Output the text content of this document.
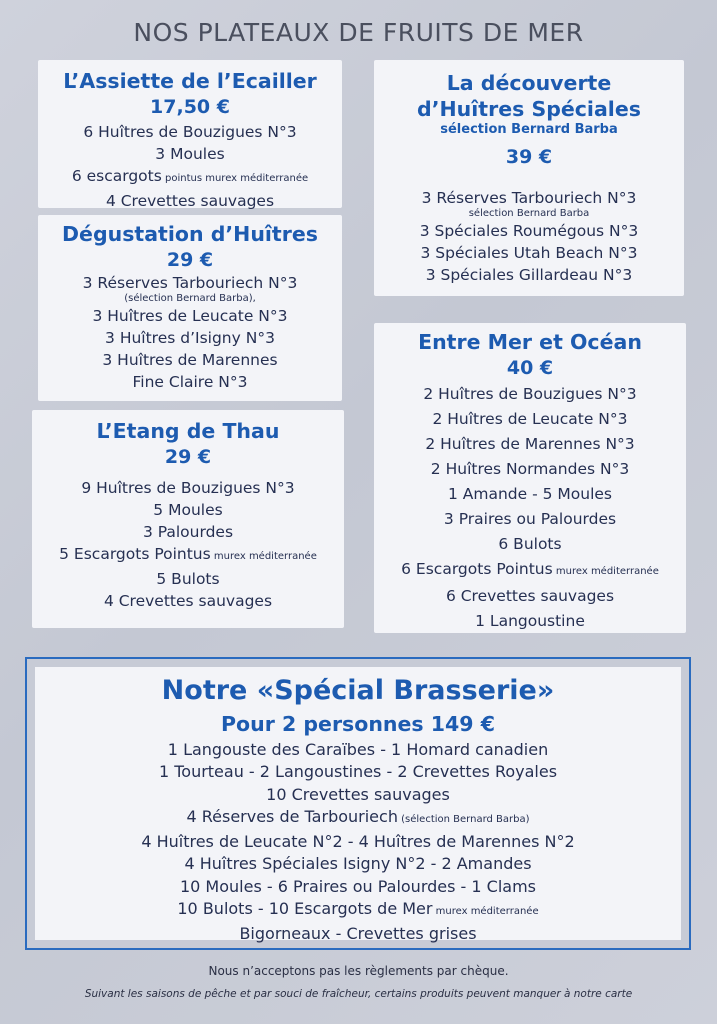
NOS PLATEAUX DE FRUITS DE MER
L’Assiette de l’Ecailler
17,50 €
6 Huîtres de Bouzigues N°3
3 Moules
6 escargots pointus murex méditerranée
4 Crevettes sauvages
Dégustation d’Huîtres
29 €
3 Réserves Tarbouriech N°3
(sélection Bernard Barba),
3 Huîtres de Leucate N°3
3 Huîtres d’Isigny N°3
3 Huîtres de Marennes
Fine Claire N°3
L’Etang de Thau
29 €
9 Huîtres de Bouzigues N°3
5 Moules
3 Palourdes
5 Escargots Pointus murex méditerranée
5 Bulots
4 Crevettes sauvages
La découverte
d’Huîtres Spéciales
sélection Bernard Barba
39 €
3 Réserves Tarbouriech N°3
sélection Bernard Barba
3 Spéciales Roumégous N°3
3 Spéciales Utah Beach N°3
3 Spéciales Gillardeau N°3
Entre Mer et Océan
40 €
2 Huîtres de Bouzigues N°3
2 Huîtres de Leucate N°3
2 Huîtres de Marennes N°3
2 Huîtres Normandes N°3
1 Amande - 5 Moules
3 Praires ou Palourdes
6 Bulots
6 Escargots Pointus murex méditerranée
6 Crevettes sauvages
1 Langoustine
Notre «Spécial Brasserie»
Pour 2 personnes 149 €
1 Langouste des Caraïbes - 1 Homard canadien
1 Tourteau - 2 Langoustines - 2 Crevettes Royales
10 Crevettes sauvages
4 Réserves de Tarbouriech (sélection Bernard Barba)
4 Huîtres de Leucate N°2 - 4 Huîtres de Marennes N°2
4 Huîtres Spéciales Isigny N°2 - 2 Amandes
10 Moules - 6 Praires ou Palourdes - 1 Clams
10 Bulots - 10 Escargots de Mer murex méditerranée
Bigorneaux - Crevettes grises
Nous n’acceptons pas les règlements par chèque.
Suivant les saisons de pêche et par souci de fraîcheur, certains produits peuvent manquer à notre carte
